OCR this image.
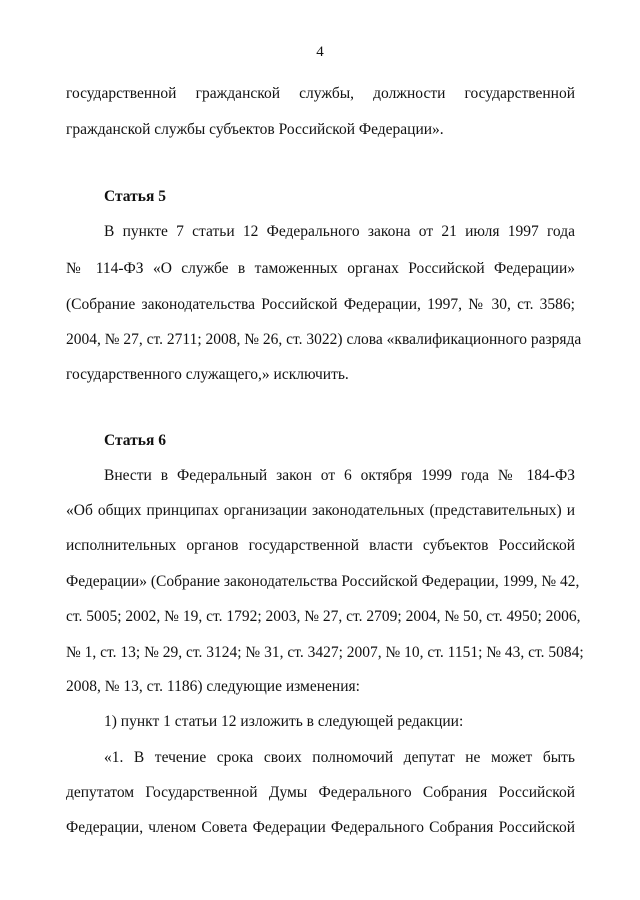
4
государственной гражданской службы, должности государственной
гражданской службы субъектов Российской Федерации».
Статья 5
В пункте 7 статьи 12 Федерального закона от 21 июля 1997 года
№ 114-ФЗ «О службе в таможенных органах Российской Федерации»
(Собрание законодательства Российской Федерации, 1997, № 30, ст. 3586;
2004, № 27, ст. 2711; 2008, № 26, ст. 3022) слова «квалификационного разряда
государственного служащего,» исключить.
Статья 6
Внести в Федеральный закон от 6 октября 1999 года № 184-ФЗ
«Об общих принципах организации законодательных (представительных) и
исполнительных органов государственной власти субъектов Российской
Федерации» (Собрание законодательства Российской Федерации, 1999, № 42,
ст. 5005; 2002, № 19, ст. 1792; 2003, № 27, ст. 2709; 2004, № 50, ст. 4950; 2006,
№ 1, ст. 13; № 29, ст. 3124; № 31, ст. 3427; 2007, № 10, ст. 1151; № 43, ст. 5084;
2008, № 13, ст. 1186) следующие изменения:
1) пункт 1 статьи 12 изложить в следующей редакции:
«1. В течение срока своих полномочий депутат не может быть
депутатом Государственной Думы Федерального Собрания Российской
Федерации, членом Совета Федерации Федерального Собрания Российской
